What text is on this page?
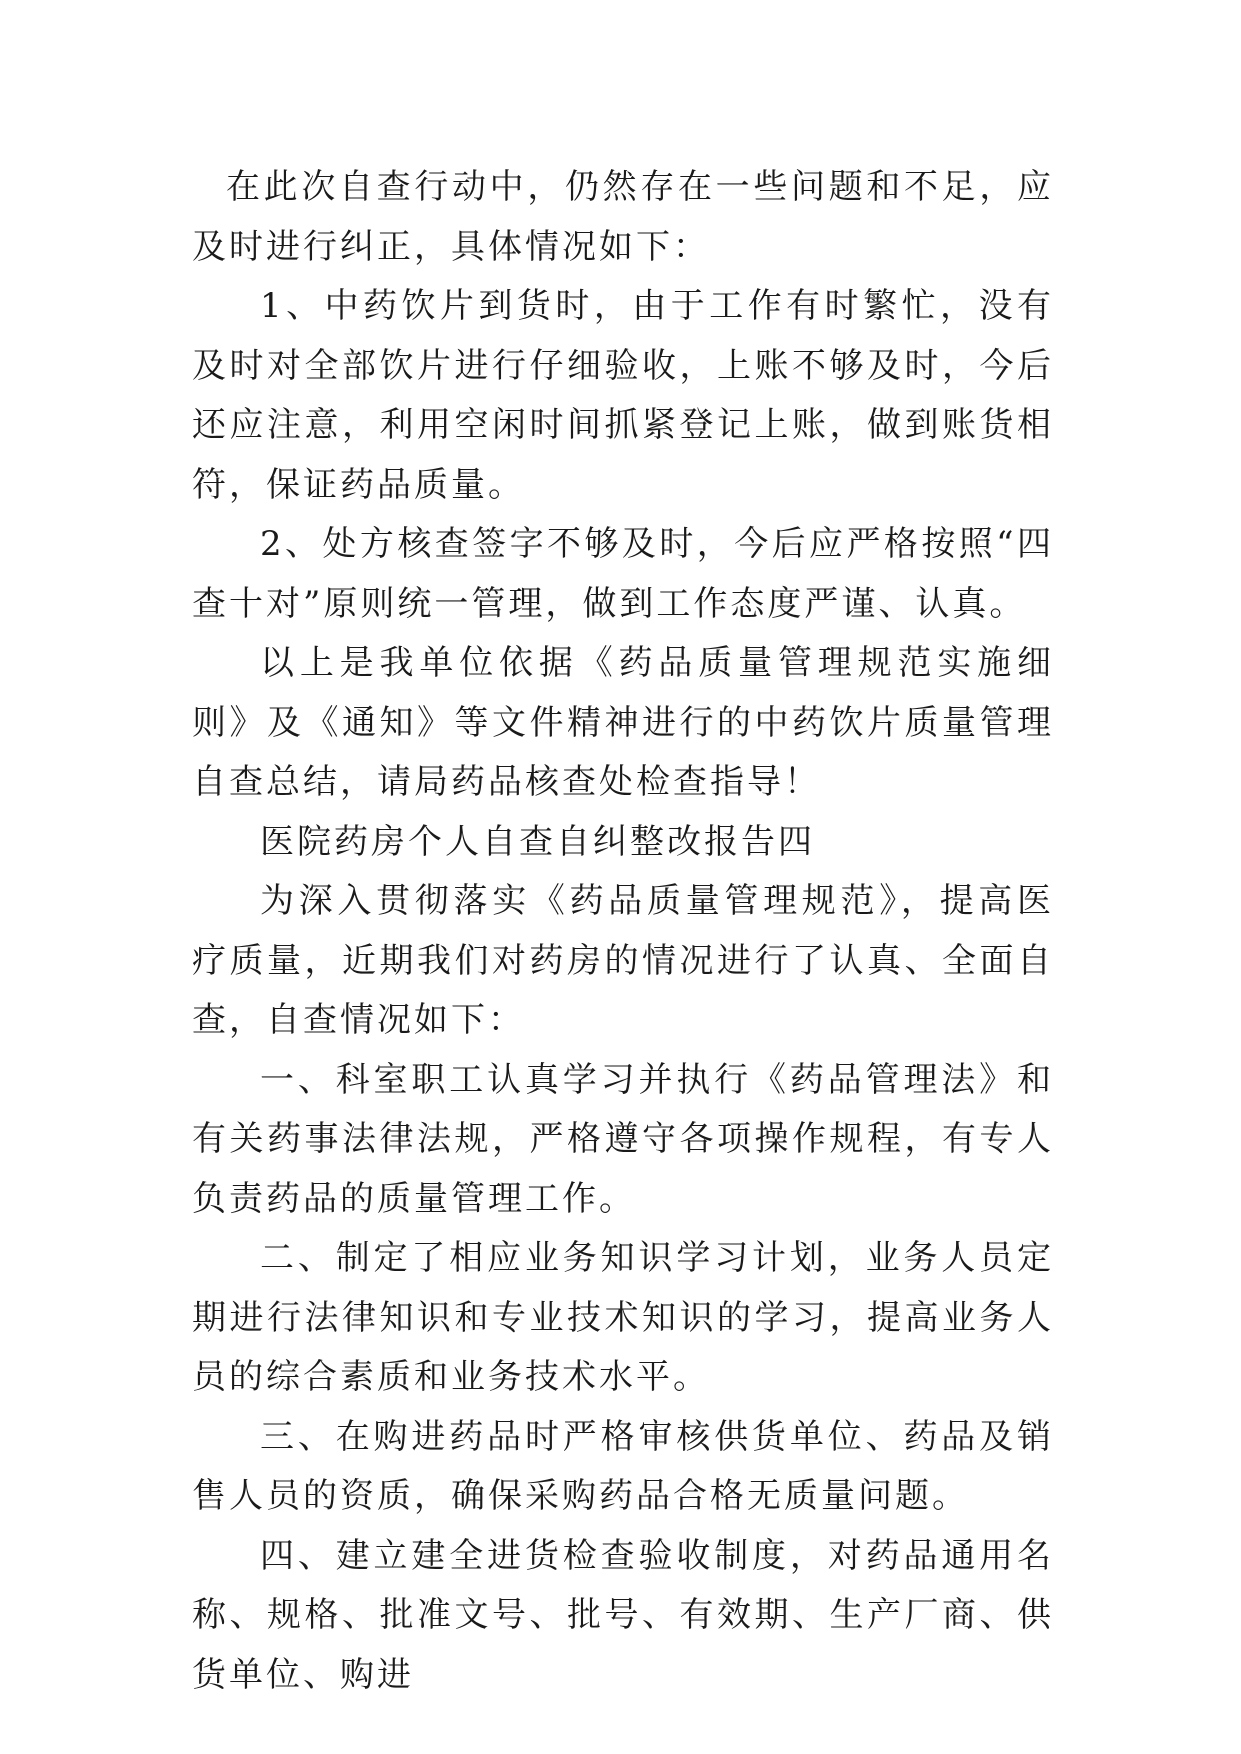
在此次自查行动中，仍然存在一些问题和不足，应及时进行纠正，具体情况如下：

1、中药饮片到货时，由于工作有时繁忙，没有及时对全部饮片进行仔细验收，上账不够及时，今后还应注意，利用空闲时间抓紧登记上账，做到账货相符，保证药品质量。

2、处方核查签字不够及时，今后应严格按照“四查十对”原则统一管理，做到工作态度严谨、认真。

以上是我单位依据《药品质量管理规范实施细则》及《通知》等文件精神进行的中药饮片质量管理自查总结，请局药品核查处检查指导！

医院药房个人自查自纠整改报告四

为深入贯彻落实《药品质量管理规范》，提高医疗质量，近期我们对药房的情况进行了认真、全面自查，自查情况如下：

一、科室职工认真学习并执行《药品管理法》和有关药事法律法规，严格遵守各项操作规程，有专人负责药品的质量管理工作。

二、制定了相应业务知识学习计划，业务人员定期进行法律知识和专业技术知识的学习，提高业务人员的综合素质和业务技术水平。

三、在购进药品时严格审核供货单位、药品及销售人员的资质，确保采购药品合格无质量问题。

四、建立建全进货检查验收制度，对药品通用名称、规格、批准文号、批号、有效期、生产厂商、供货单位、购进
